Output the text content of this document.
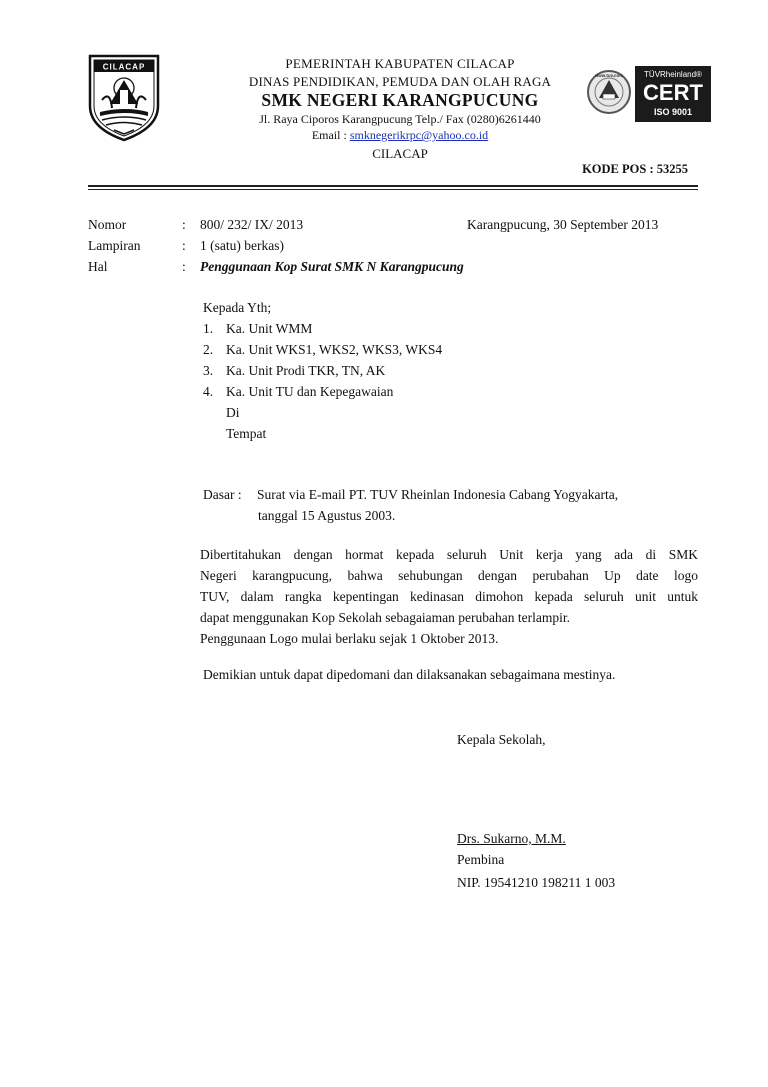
CILACAP	PEMERINTAH KABUPATEN CILACAP
DINAS PENDIDIKAN, PEMUDA DAN OLAH RAGA
SMK NEGERI KARANGPUCUNG
Jl. Raya Ciporos Karangpucung Telp./ Fax (0280)6261440
Email : smknegerikrpc@yahoo.co.id
CILACAP
www.tuv.com	TÜVRheinland®
CERT
ISO 9001
KODE POS : 53255
Nomor	: 800/ 232/ IX/ 2013	Karangpucung, 30 September 2013
Lampiran	: 1 (satu) berkas)
Hal	: Penggunaan Kop Surat SMK N Karangpucung
Kepada Yth;
1. Ka. Unit WMM
2. Ka. Unit WKS1, WKS2, WKS3, WKS4
3. Ka. Unit Prodi TKR, TN, AK
4. Ka. Unit TU dan Kepegawaian
Di
Tempat
Dasar : Surat via E-mail PT. TUV Rheinlan Indonesia Cabang Yogyakarta,
tanggal 15 Agustus 2003.
Dibertitahukan dengan hormat kepada seluruh Unit kerja yang ada di SMK
Negeri karangpucung, bahwa sehubungan dengan perubahan Up date logo
TUV, dalam rangka kepentingan kedinasan dimohon kepada seluruh unit untuk
dapat menggunakan Kop Sekolah sebagaiaman perubahan terlampir.
Penggunaan Logo mulai berlaku sejak 1 Oktober 2013.
Demikian untuk dapat dipedomani dan dilaksanakan sebagaimana mestinya.
Kepala Sekolah,
Drs. Sukarno, M.M.
Pembina
NIP. 19541210 198211 1 003
